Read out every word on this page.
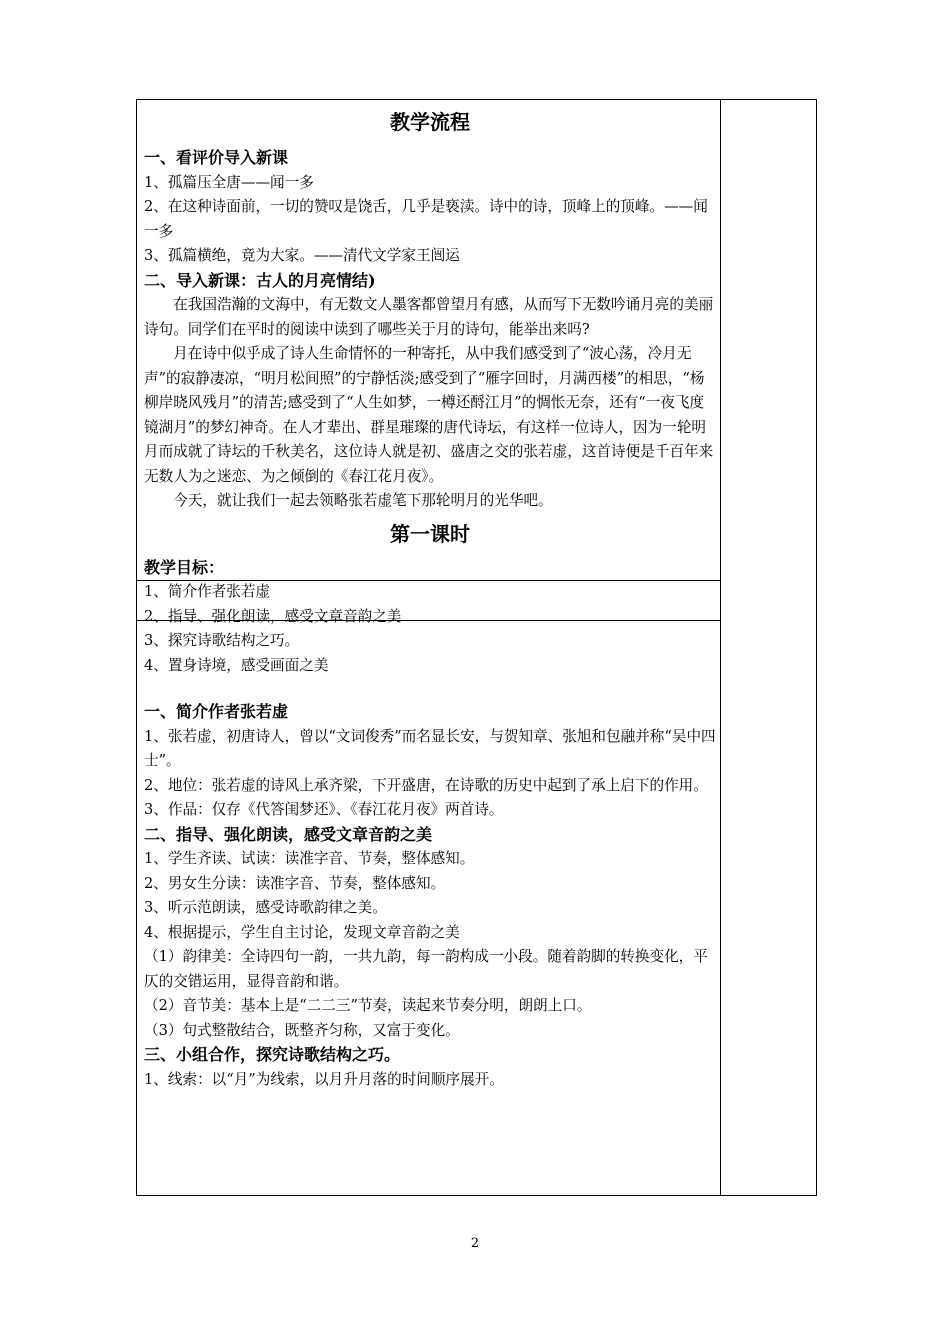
教学流程
一、看评价导入新课

1、孤篇压全唐——闻一多

2、在这种诗面前，一切的赞叹是饶舌，几乎是亵渎。诗中的诗，顶峰上的顶峰。——闻一多

3、孤篇横绝，竟为大家。——清代文学家王闿运

二、导入新课：古人的月亮情结)

在我国浩瀚的文海中，有无数文人墨客都曾望月有感，从而写下无数吟诵月亮的美丽诗句。同学们在平时的阅读中读到了哪些关于月的诗句，能举出来吗?

月在诗中似乎成了诗人生命情怀的一种寄托，从中我们感受到了“波心荡，冷月无声”的寂静凄凉，“明月松间照”的宁静恬淡;感受到了“雁字回时，月满西楼”的相思，“杨柳岸晓风残月”的清苦;感受到了“人生如梦，一樽还酹江月”的惆怅无奈，还有“一夜飞度镜湖月”的梦幻神奇。在人才辈出、群星璀璨的唐代诗坛，有这样一位诗人，因为一轮明月而成就了诗坛的千秋美名，这位诗人就是初、盛唐之交的张若虚，这首诗便是千百年来无数人为之迷恋、为之倾倒的《春江花月夜》。

今天，就让我们一起去领略张若虚笔下那轮明月的光华吧。

第一课时
教学目标：

1、简介作者张若虚

2、指导、强化朗读，感受文章音韵之美

3、探究诗歌结构之巧。

4、置身诗境，感受画面之美

一、简介作者张若虚

1、张若虚，初唐诗人，曾以“文词俊秀”而名显长安，与贺知章、张旭和包融并称“吴中四士”。

2、地位：张若虚的诗风上承齐梁，下开盛唐，在诗歌的历史中起到了承上启下的作用。

3、作品：仅存《代答闺梦还》、《春江花月夜》两首诗。

二、指导、强化朗读，感受文章音韵之美

1、学生齐读、试读：读准字音、节奏，整体感知。

2、男女生分读：读准字音、节奏，整体感知。

3、听示范朗读，感受诗歌韵律之美。

4、根据提示，学生自主讨论，发现文章音韵之美

（1）韵律美：全诗四句一韵，一共九韵，每一韵构成一小段。随着韵脚的转换变化，平仄的交错运用，显得音韵和谐。

（2）音节美：基本上是“二二三”节奏，读起来节奏分明，朗朗上口。

（3）句式整散结合，既整齐匀称，又富于变化。

三、小组合作，探究诗歌结构之巧。

1、线索：以“月”为线索，以月升月落的时间顺序展开。

2
